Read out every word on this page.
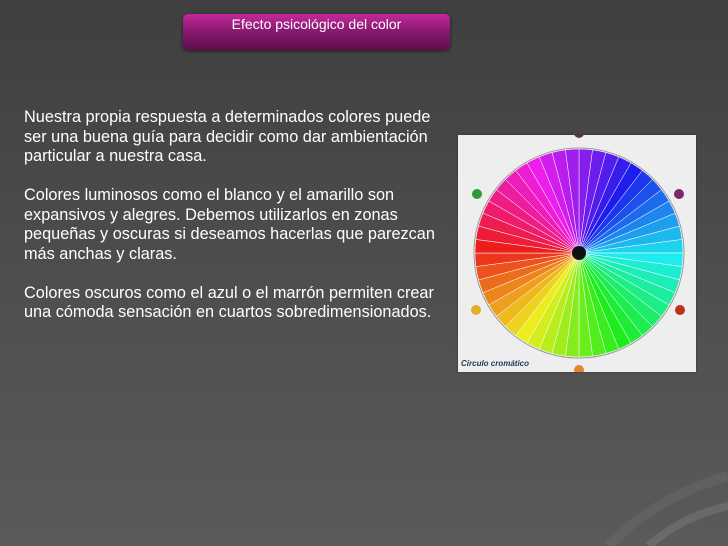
Efecto psicológico del color

Nuestra propia respuesta a determinados colores puede ser una buena guía para decidir como dar ambientación particular a nuestra casa.

Colores luminosos como el blanco y el amarillo son expansivos y alegres. Debemos utilizarlos en zonas pequeñas y oscuras si deseamos hacerlas que parezcan más anchas y claras.

Colores oscuros como el azul o el marrón permiten crear una cómoda sensación en cuartos sobredimensionados.

Círculo cromático
